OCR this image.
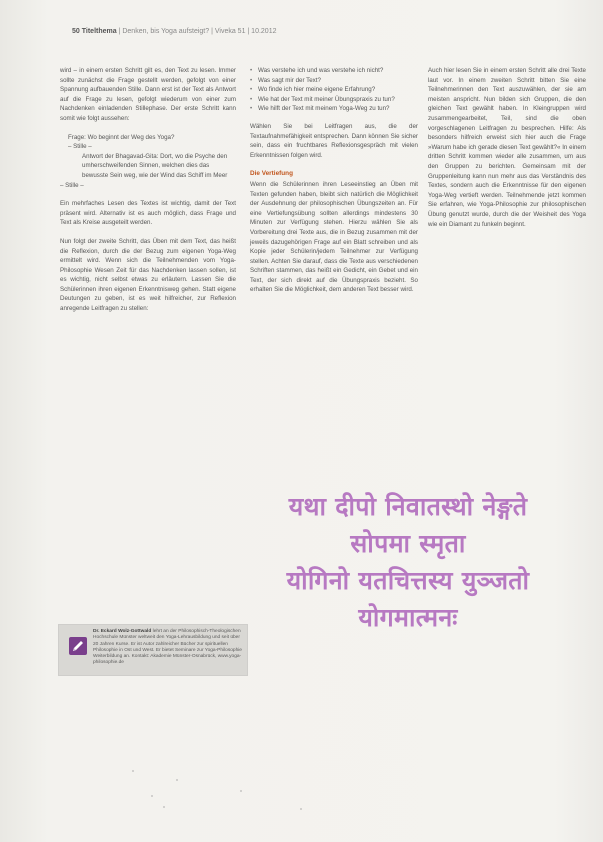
50 Titelthema | Denken, bis Yoga aufsteigt? | Viveka 51 | 10.2012

wird – in einem ersten Schritt gilt es, den Text zu lesen. Immer sollte zunächst die Frage gestellt werden, gefolgt von einer Spannung aufbauenden Stille. Dann erst ist der Text als Antwort auf die Frage zu lesen, gefolgt wiederum von einer zum Nachdenken einladenden Stillephase. Der erste Schritt kann somit wie folgt aussehen:

Frage: Wo beginnt der Weg des Yoga?

– Stille –

Antwort der Bhagavad-Gita: Dort, wo die Psyche den umherschweifenden Sinnen, welchen dies das bewusste Sein weg, wie der Wind das Schiff im Meer

– Stille –

Ein mehrfaches Lesen des Textes ist wichtig, damit der Text präsent wird. Alternativ ist es auch möglich, dass Frage und Text als Kreise ausgeteilt werden.

Nun folgt der zweite Schritt, das Üben mit dem Text, das heißt die Reflexion, durch die der Bezug zum eigenen Yoga-Weg ermittelt wird. Wenn sich die Teilnehmenden vom Yoga-Philosophie Wesen Zeit für das Nachdenken lassen sollen, ist es wichtig, nicht selbst etwas zu erläutern. Lassen Sie die Schülerinnen ihren eigenen Erkenntnisweg gehen. Statt eigene Deutungen zu geben, ist es weit hilfreicher, zur Reflexion anregende Leitfragen zu stellen:

• Was verstehe ich und was verstehe ich nicht?
• Was sagt mir der Text?
• Wo finde ich hier meine eigene Erfahrung?
• Wie hat der Text mit meiner Übungspraxis zu tun?
• Wie hilft der Text mit meinem Yoga-Weg zu tun?

Wählen Sie bei Leitfragen aus, die der Textaufnahmefähigkeit entsprechen. Dann können Sie sicher sein, dass ein fruchtbares Reflexionsgespräch mit vielen Erkenntnissen folgen wird.

Die Vertiefung

Wenn die Schülerinnen ihren Leseeinstieg an Üben mit Texten gefunden haben, bleibt sich natürlich die Möglichkeit der Ausdehnung der philosophischen Übungszeiten an. Für eine Vertiefungsübung sollten allerdings mindestens 30 Minuten zur Verfügung stehen. Hierzu wählen Sie als Vorbereitung drei Texte aus, die in Bezug zusammen mit der jeweils dazugehörigen Frage auf ein Blatt schreiben und als Kopie jeder Schülerin/jedem Teilnehmer zur Verfügung stellen. Achten Sie darauf, dass die Texte aus verschiedenen Schriften stammen, das heißt ein Gedicht, ein Gebet und ein Text, der sich direkt auf die Übungspraxis bezieht. So erhalten Sie die Möglichkeit, dem anderen Text besser wird.

Auch hier lesen Sie in einem ersten Schritt alle drei Texte laut vor. In einem zweiten Schritt bitten Sie eine Teilnehmerinnen den Text auszuwählen, der sie am meisten anspricht. Nun bilden sich Gruppen, die den gleichen Text gewählt haben. In Kleingruppen wird zusammengearbeitet, Teil, sind die oben vorgeschlagenen Leitfragen zu besprechen. Hilfe: Als besonders hilfreich erweist sich hier auch die Frage »Warum habe ich gerade diesen Text gewählt?« In einem dritten Schritt kommen wieder alle zusammen, um aus den Gruppen zu berichten. Gemeinsam mit der Gruppenleitung kann nun mehr aus das Verständnis des Textes, sondern auch die Erkenntnisse für den eigenen Yoga-Weg vertieft werden. Teilnehmende jetzt kommen Sie erfahren, wie Yoga-Philosophie zur philosophischen Übung genutzt wurde, durch die der Weisheit des Yoga wie ein Diamant zu funkeln beginnt.

यथा दीपो निवातस्थो नेङ्गते
सोपमा स्मृता
योगिनो यतचित्तस्य युञ्जतो
योगमात्मनः
Dr. Eckard Wolz-Gottwald lehrt an der Philosophisch-Theologischen Hochschule Münster weltweit den Yoga-Lehrausbildung und seit über 20 Jahren Kurse. Er ist Autor zahlreicher Bücher zur spirituellen Philosophie in Ost und West. Er bietet Seminare zur Yoga-Philosophie Weiterbildung an. Kontakt: Akademie Münster-Osnabrück, www.yoga-philosophie.de
